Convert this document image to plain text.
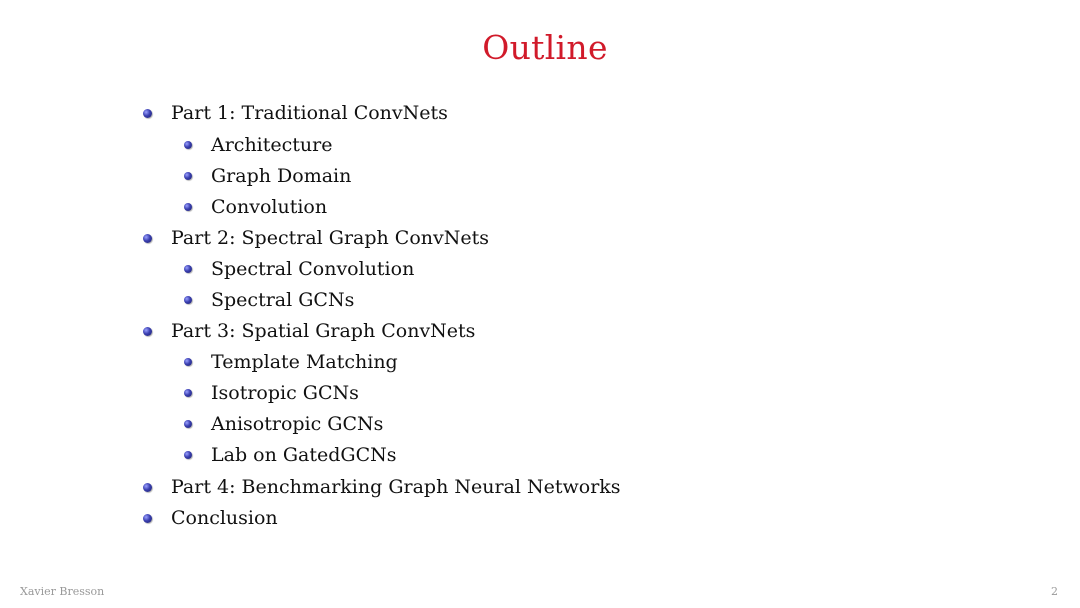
Outline
Part 1: Traditional ConvNets
Architecture
Graph Domain
Convolution
Part 2: Spectral Graph ConvNets
Spectral Convolution
Spectral GCNs
Part 3: Spatial Graph ConvNets
Template Matching
Isotropic GCNs
Anisotropic GCNs
Lab on GatedGCNs
Part 4: Benchmarking Graph Neural Networks
Conclusion
Xavier Bresson	2
